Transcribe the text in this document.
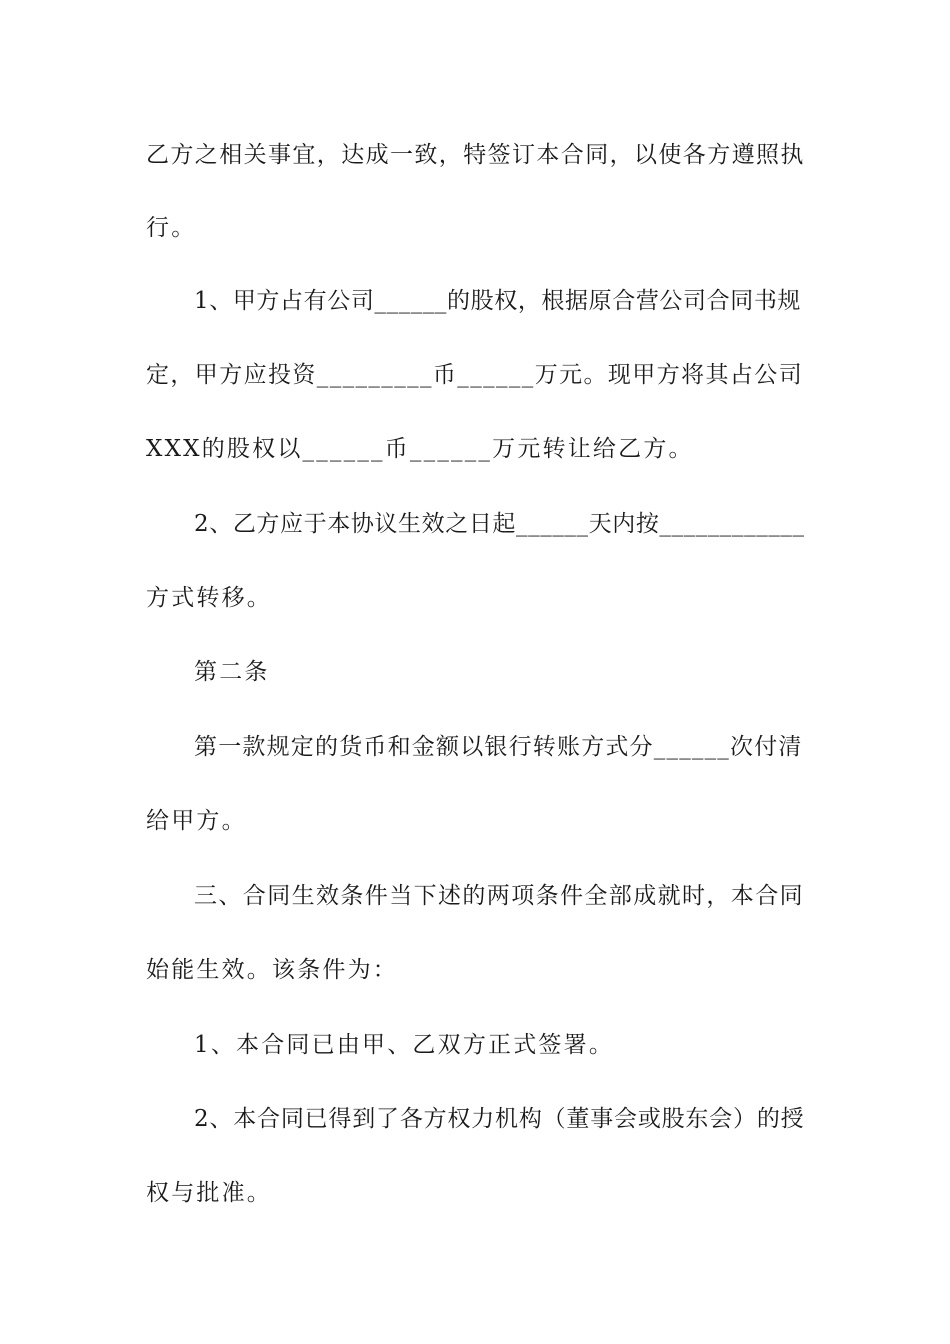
乙方之相关事宜，达成一致，特签订本合同，以使各方遵照执
行。
1、甲方占有公司______的股权，根据原合营公司合同书规
定，甲方应投资_________币______万元。现甲方将其占公司
XXX的股权以______币______万元转让给乙方。
2、乙方应于本协议生效之日起______天内按____________
方式转移。
第二条
第一款规定的货币和金额以银行转账方式分______次付清
给甲方。
三、合同生效条件当下述的两项条件全部成就时，本合同
始能生效。该条件为：
1、本合同已由甲、乙双方正式签署。
2、本合同已得到了各方权力机构（董事会或股东会）的授
权与批准。
